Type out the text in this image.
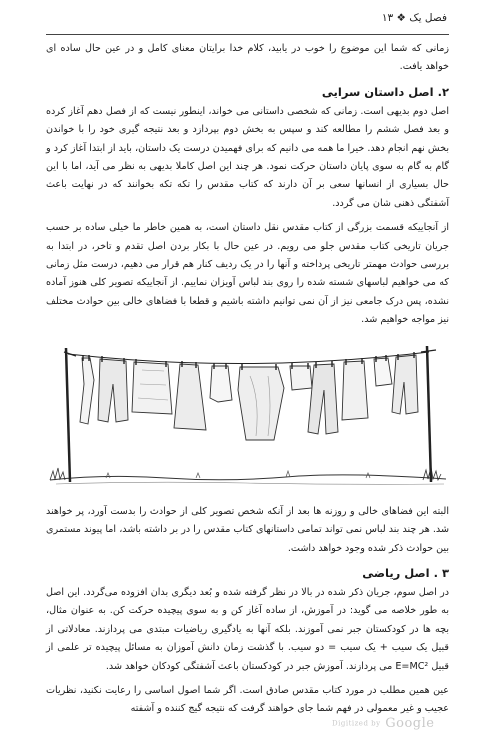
فصل یک ❖ ۱۳

زمانی که شما این موضوع را خوب در یابید، کلام خدا برایتان معنای کامل و در عین حال ساده ای خواهد یافت.

۲. اصل داستان سرایی

اصل دوم بدیهی است. زمانی که شخصی داستانی می خواند، اینطور نیست که از فصل دهم آغاز کرده و بعد فصل ششم را مطالعه کند و سپس به بخش دوم بپردازد و بعد نتیجه گیری خود را با خواندن بخش نهم انجام دهد. خیرا ما همه می دانیم که برای فهمیدن درست یک داستان، باید از ابتدا آغاز کرد و گام به گام به سوی پایان داستان حرکت نمود. هر چند این اصل کاملا بدیهی به نظر می آید، اما با این حال بسیاری از انسانها سعی بر آن دارند که کتاب مقدس را تکه تکه بخوانند که در نهایت باعث آشفتگی ذهنی شان می گردد.

از آنجاییکه قسمت بزرگی از کتاب مقدس نقل داستان است، به همین خاطر ما خیلی ساده بر حسب جریان تاریخی کتاب مقدس جلو می رویم. در عین حال با بکار بردن اصل تقدم و تاخر، در ابتدا به بررسی حوادث مهمتر تاریخی پرداخته و آنها را در یک ردیف کنار هم قرار می دهیم، درست مثل زمانی که می خواهیم لباسهای شسته شده را روی بند لباس آویزان نماییم. از آنجاییکه تصویر کلی هنوز آماده نشده، پس درک جامعی نیز از آن نمی توانیم داشته باشیم و قطعا با فضاهای خالی بین حوادث مختلف نیز مواجه خواهیم شد.

البته این فضاهای خالی و روزنه ها بعد از آنکه شخص تصویر کلی از حوادث را بدست آورد، پر خواهند شد. هر چند بند لباس نمی تواند تمامی داستانهای کتاب مقدس را در بر داشته باشد، اما پیوند مستمری بین حوادث ذکر شده وجود خواهد داشت.

۳ . اصل ریاضی

در اصل سوم، جریان ذکر شده در بالا در نظر گرفته شده و بُعد دیگری بدان افزوده می‌گردد. این اصل به طور خلاصه می گوید: در آموزش، از ساده آغاز کن و به سوی پیچیده حرکت کن. به عنوان مثال، بچه ها در کودکستان جبر نمی آموزند. بلکه آنها به یادگیری ریاضیات مبتدی می پردازند. معادلاتی از قبیل یک سیب + یک سیب = دو سیب. با گذشت زمان دانش آموزان به مسائل پیچیده تر علمی از قبیل E=MC² می پردازند. آموزش جبر در کودکستان باعث آشفتگی کودکان خواهد شد.

عین همین مطلب در مورد کتاب مقدس صادق است. اگر شما اصول اساسی را رعایت نکنید، نظریات عجیب و غیر معمولی در فهم شما جای خواهند گرفت که نتیجه گیج کننده و آشفته

Digitized by Google
